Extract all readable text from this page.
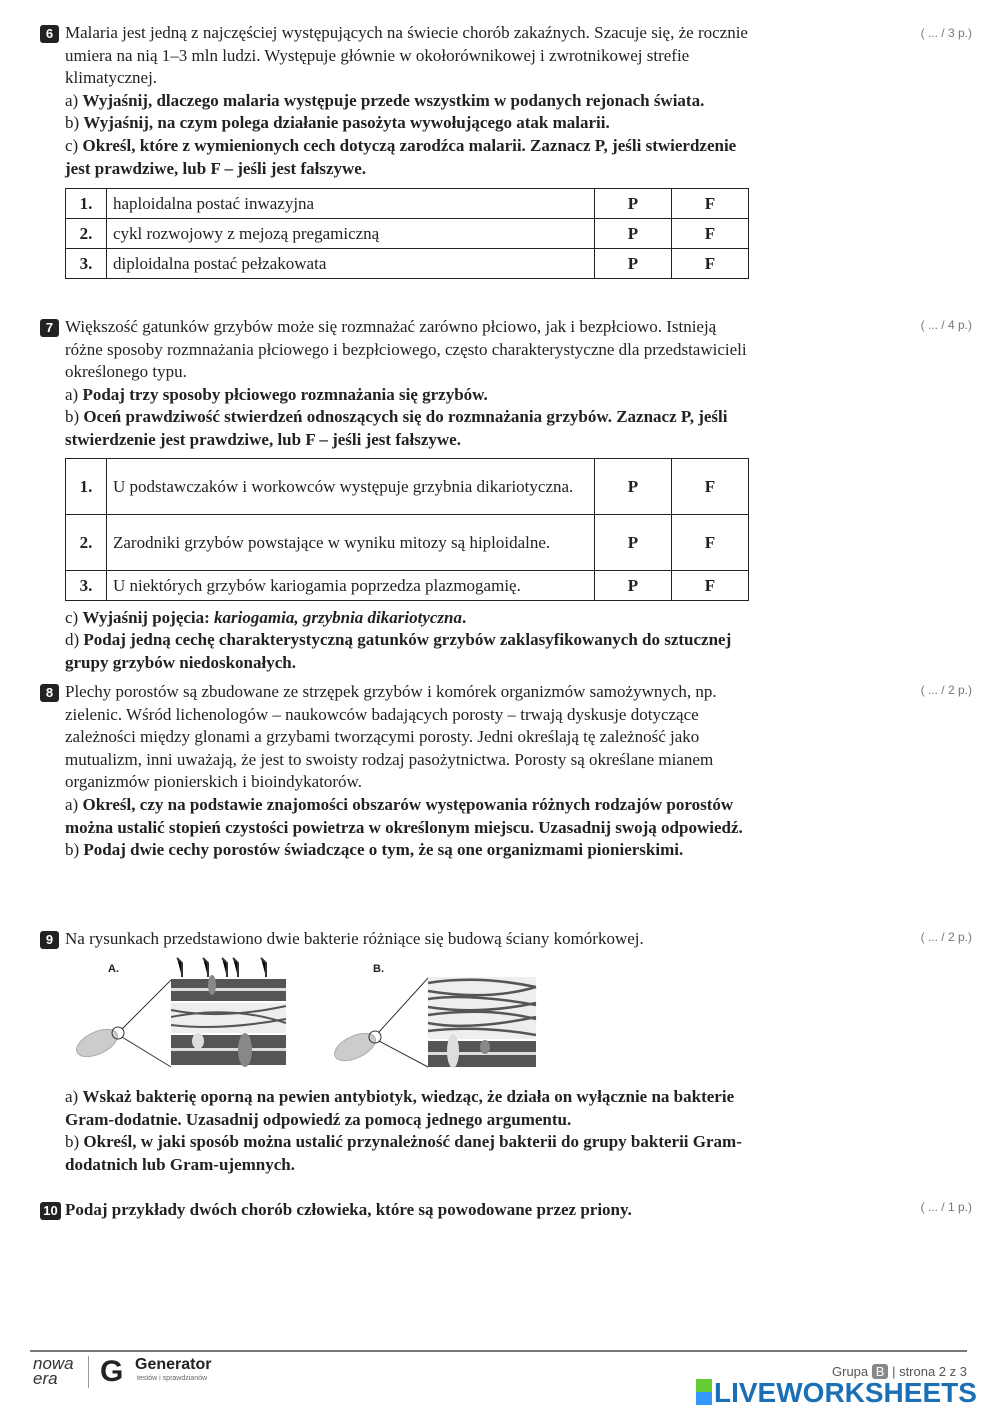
6 Malaria jest jedną z najczęściej występujących na świecie chorób zakaźnych. Szacuje się, że rocznie umiera na nią 1–3 mln ludzi. Występuje głównie w okołorównikowej i zwrotnikowej strefie klimatycznej.
a) Wyjaśnij, dlaczego malaria występuje przede wszystkim w podanych rejonach świata.
b) Wyjaśnij, na czym polega działanie pasożyta wywołującego atak malarii.
c) Określ, które z wymienionych cech dotyczą zarodźca malarii. Zaznacz P, jeśli stwierdzenie jest prawdziwe, lub F – jeśli jest fałszywe.
1.	haploidalna postać inwazyjna	P	F
2.	cykl rozwojowy z mejozą pregamiczną	P	F
3.	diploidalna postać pełzakowata	P	F
( ... / 3 p.)
7 Większość gatunków grzybów może się rozmnażać zarówno płciowo, jak i bezpłciowo. Istnieją różne sposoby rozmnażania płciowego i bezpłciowego, często charakterystyczne dla przedstawicieli określonego typu.
a) Podaj trzy sposoby płciowego rozmnażania się grzybów.
b) Oceń prawdziwość stwierdzeń odnoszących się do rozmnażania grzybów. Zaznacz P, jeśli stwierdzenie jest prawdziwe, lub F – jeśli jest fałszywe.
1.	U podstawczaków i workowców występuje grzybnia dikariotyczna.	P	F
2.	Zarodniki grzybów powstające w wyniku mitozy są hiploidalne.	P	F
3.	U niektórych grzybów kariogamia poprzedza plazmogamię.	P	F
c) Wyjaśnij pojęcia: kariogamia, grzybnia dikariotyczna.
d) Podaj jedną cechę charakterystyczną gatunków grzybów zaklasyfikowanych do sztucznej grupy grzybów niedoskonałych.
( ... / 4 p.)
8 Plechy porostów są zbudowane ze strzępek grzybów i komórek organizmów samożywnych, np. zielenic. Wśród lichenologów – naukowców badających porosty – trwają dyskusje dotyczące zależności między glonami a grzybami tworzącymi porosty. Jedni określają tę zależność jako mutualizm, inni uważają, że jest to swoisty rodzaj pasożytnictwa. Porosty są określane mianem organizmów pionierskich i bioindykatorów.
a) Określ, czy na podstawie znajomości obszarów występowania różnych rodzajów porostów można ustalić stopień czystości powietrza w określonym miejscu. Uzasadnij swoją odpowiedź.
b) Podaj dwie cechy porostów świadczące o tym, że są one organizmami pionierskimi.
( ... / 2 p.)
9 Na rysunkach przedstawiono dwie bakterie różniące się budową ściany komórkowej.	( ... / 2 p.)
A.	B.
a) Wskaż bakterię oporną na pewien antybiotyk, wiedząc, że działa on wyłącznie na bakterie Gram-dodatnie. Uzasadnij odpowiedź za pomocą jednego argumentu.
b) Określ, w jaki sposób można ustalić przynależność danej bakterii do grupy bakterii Gram-dodatnich lub Gram-ujemnych.
10 Podaj przykłady dwóch chorób człowieka, które są powodowane przez priony.	( ... / 1 p.)
nowa
era	G Generator
testów i sprawdzianów	Grupa B | strona 2 z 3
LIVEWORKSHEETS
